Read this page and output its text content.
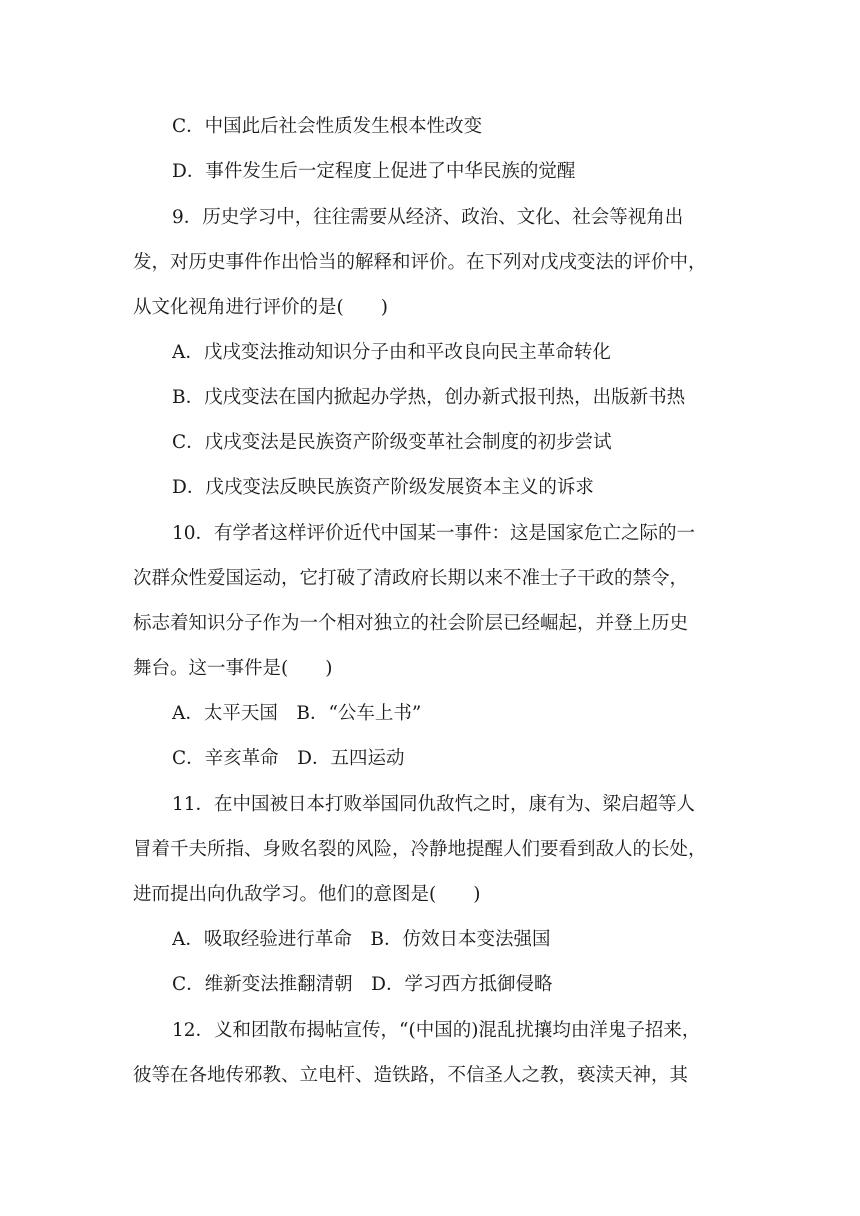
C．中国此后社会性质发生根本性改变
D．事件发生后一定程度上促进了中华民族的觉醒
9．历史学习中，往往需要从经济、政治、文化、社会等视角出
发，对历史事件作出恰当的解释和评价。在下列对戊戌变法的评价中，
从文化视角进行评价的是(　　)
A．戊戌变法推动知识分子由和平改良向民主革命转化
B．戊戌变法在国内掀起办学热，创办新式报刊热，出版新书热
C．戊戌变法是民族资产阶级变革社会制度的初步尝试
D．戊戌变法反映民族资产阶级发展资本主义的诉求
10．有学者这样评价近代中国某一事件：这是国家危亡之际的一
次群众性爱国运动，它打破了清政府长期以来不准士子干政的禁令，
标志着知识分子作为一个相对独立的社会阶层已经崛起，并登上历史
舞台。这一事件是(　　)
A．太平天国　B．“公车上书”
C．辛亥革命　D．五四运动
11．在中国被日本打败举国同仇敌忾之时，康有为、梁启超等人
冒着千夫所指、身败名裂的风险，冷静地提醒人们要看到敌人的长处，
进而提出向仇敌学习。他们的意图是(　　)
A．吸取经验进行革命　B．仿效日本变法强国
C．维新变法推翻清朝　D．学习西方抵御侵略
12．义和团散布揭帖宣传，“(中国的)混乱扰攘均由洋鬼子招来，
彼等在各地传邪教、立电杆、造铁路，不信圣人之教，亵渎天神，其
